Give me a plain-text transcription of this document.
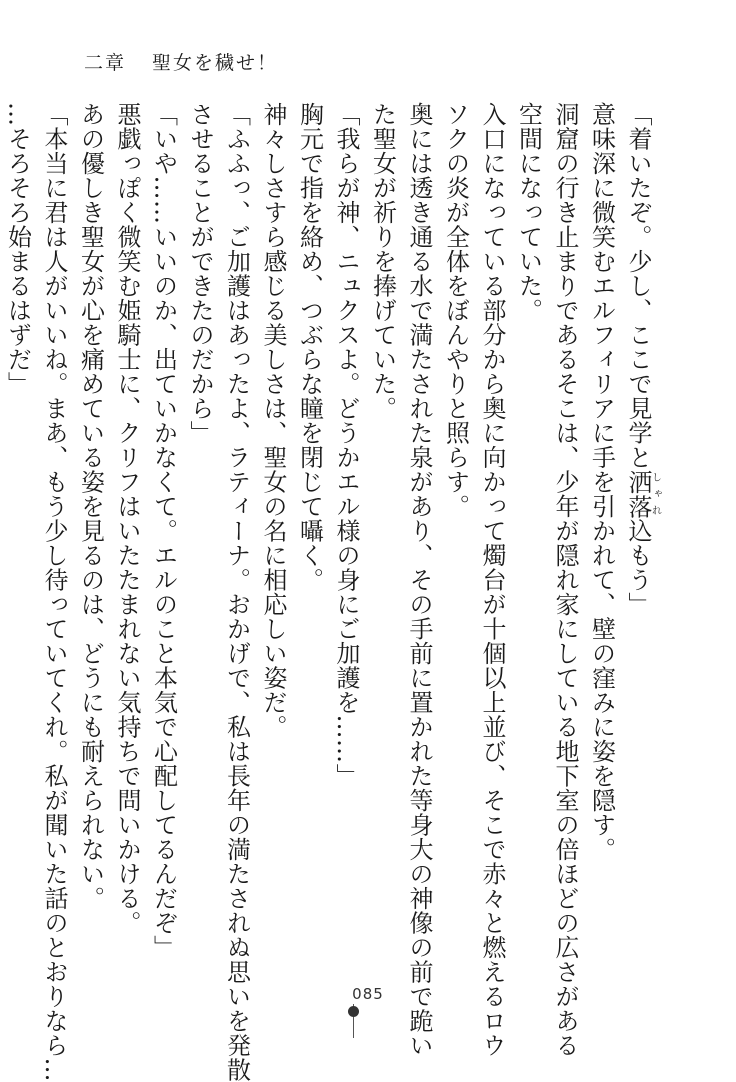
二章 聖女を穢せ！

「着いたぞ。少し、ここで見学と洒落しゃれ込もう」

意味深に微笑むエルフィリアに手を引かれて、壁の窪みに姿を隠す。

洞窟の行き止まりであるそこは、少年が隠れ家にしている地下室の倍ほどの広さがある

空間になっていた。

入口になっている部分から奥に向かって燭台が十個以上並び、そこで赤々と燃えるロウ

ソクの炎が全体をぼんやりと照らす。

奥には透き通る水で満たされた泉があり、その手前に置かれた等身大の神像の前で跪い

た聖女が祈りを捧げていた。

「我らが神、ニュクスよ。どうかエル様の身にご加護を……」

胸元で指を絡め、つぶらな瞳を閉じて囁く。

神々しさすら感じる美しさは、聖女の名に相応しい姿だ。

「ふふっ、ご加護はあったよ、ラティーナ。おかげで、私は長年の満たされぬ思いを発散

させることができたのだから」

「いや……いいのか、出ていかなくて。エルのこと本気で心配してるんだぞ」

悪戯っぽく微笑む姫騎士に、クリフはいたたまれない気持ちで問いかける。

あの優しき聖女が心を痛めている姿を見るのは、どうにも耐えられない。

「本当に君は人がいいね。まあ、もう少し待っていてくれ。私が聞いた話のとおりなら…

…そろそろ始まるはずだ」

085
